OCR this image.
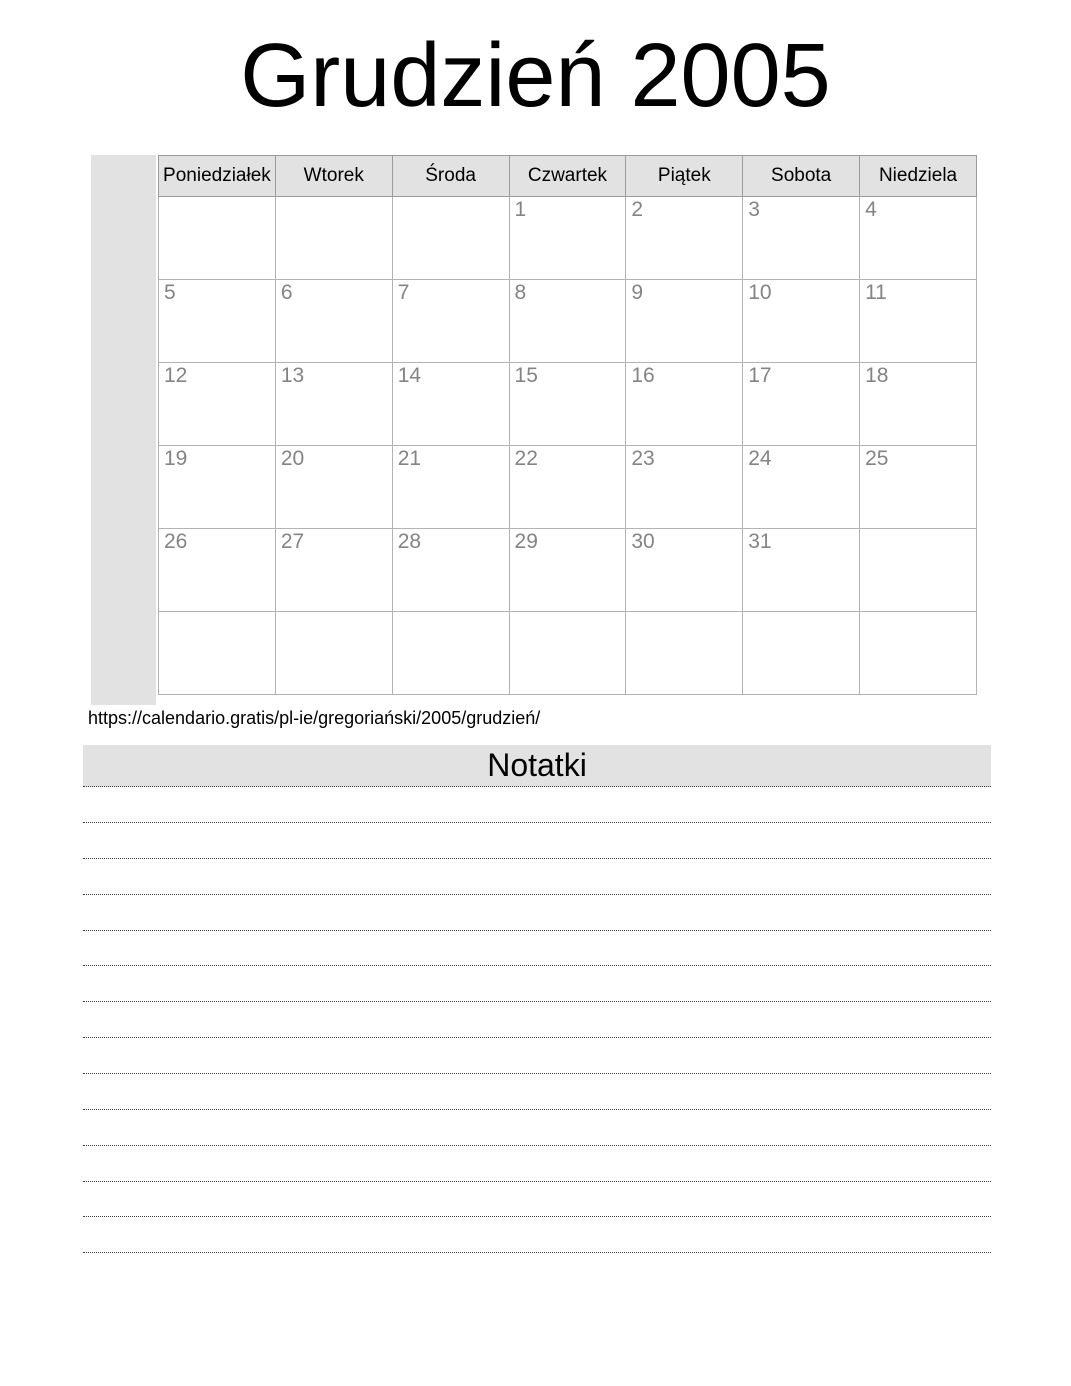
Grudzień 2005
Poniedziałek	Wtorek	Środa	Czwartek	Piątek	Sobota	Niedziela
			1	2	3	4
5	6	7	8	9	10	11
12	13	14	15	16	17	18
19	20	21	22	23	24	25
26	27	28	29	30	31	

https://calendario.gratis/pl-ie/gregoriański/2005/grudzień/
Notatki
